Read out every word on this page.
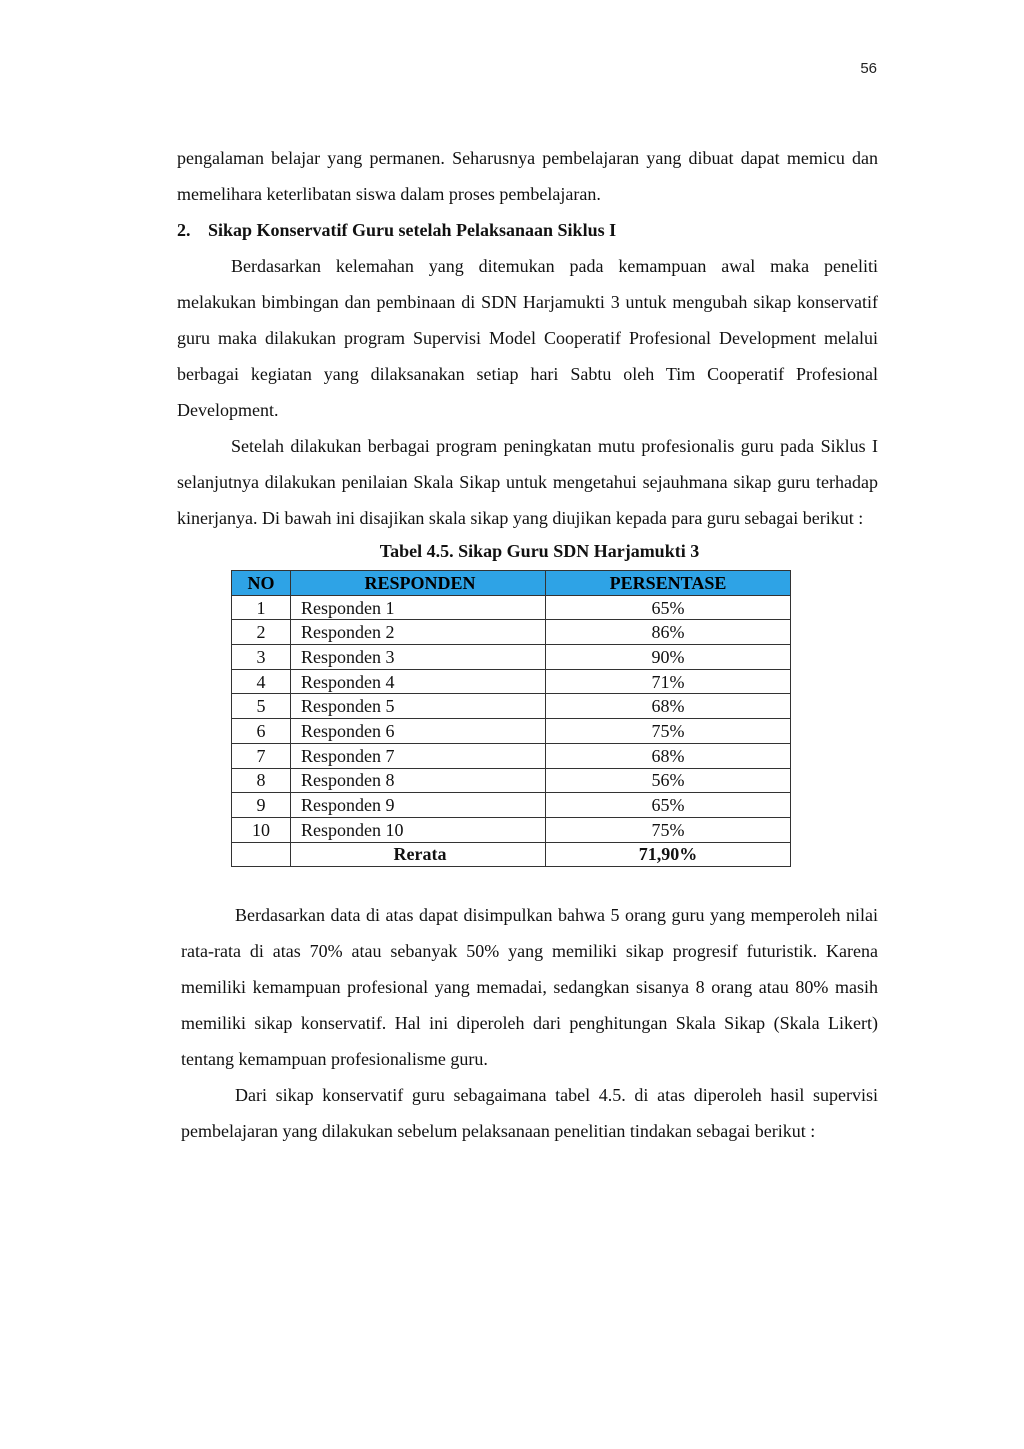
56

pengalaman belajar yang permanen. Seharusnya pembelajaran yang dibuat dapat memicu dan memelihara keterlibatan siswa dalam proses pembelajaran.

2. Sikap Konservatif Guru setelah Pelaksanaan Siklus I

Berdasarkan kelemahan yang ditemukan pada kemampuan awal maka peneliti melakukan bimbingan dan pembinaan di SDN Harjamukti 3 untuk mengubah sikap konservatif guru maka dilakukan program Supervisi Model Cooperatif Profesional Development melalui berbagai kegiatan yang dilaksanakan setiap hari Sabtu oleh Tim Cooperatif Profesional Development.

Setelah dilakukan berbagai program peningkatan mutu profesionalis guru pada Siklus I selanjutnya dilakukan penilaian Skala Sikap untuk mengetahui sejauhmana sikap guru terhadap kinerjanya. Di bawah ini disajikan skala sikap yang diujikan kepada para guru sebagai berikut :

Tabel 4.5. Sikap Guru SDN Harjamukti 3
NO	RESPONDEN	PERSENTASE
1	Responden 1	65%
2	Responden 2	86%
3	Responden 3	90%
4	Responden 4	71%
5	Responden 5	68%
6	Responden 6	75%
7	Responden 7	68%
8	Responden 8	56%
9	Responden 9	65%
10	Responden 10	75%
	Rerata	71,90%

Berdasarkan data di atas dapat disimpulkan bahwa 5 orang guru yang memperoleh nilai rata-rata di atas 70% atau sebanyak 50% yang memiliki sikap progresif futuristik. Karena memiliki kemampuan profesional yang memadai, sedangkan sisanya 8 orang atau 80% masih memiliki sikap konservatif. Hal ini diperoleh dari penghitungan Skala Sikap (Skala Likert) tentang kemampuan profesionalisme guru.

Dari sikap konservatif guru sebagaimana tabel 4.5. di atas diperoleh hasil supervisi pembelajaran yang dilakukan sebelum pelaksanaan penelitian tindakan sebagai berikut :
